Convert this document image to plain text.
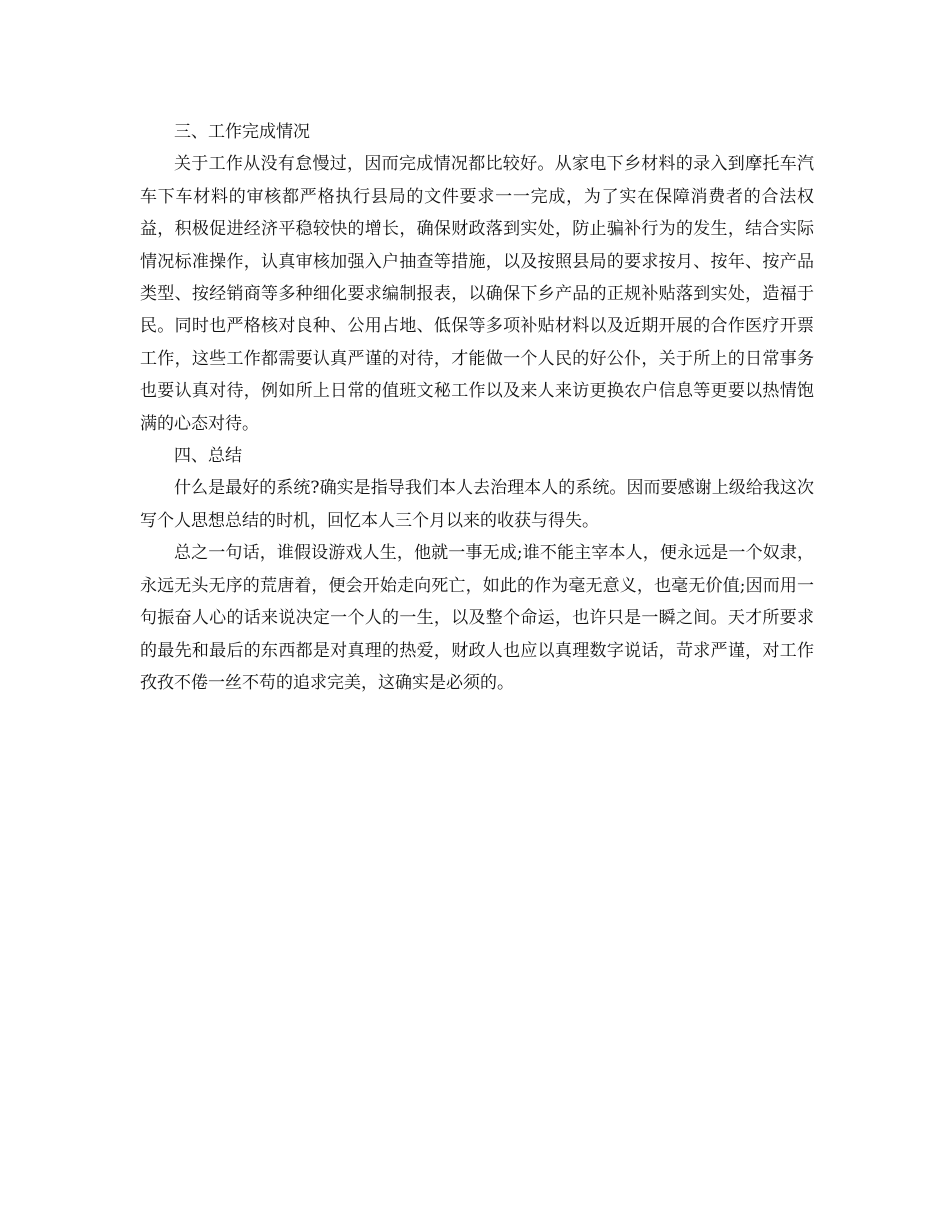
三、工作完成情况

关于工作从没有怠慢过，因而完成情况都比较好。从家电下乡材料的录入到摩托车汽车下车材料的审核都严格执行县局的文件要求一一完成，为了实在保障消费者的合法权益，积极促进经济平稳较快的增长，确保财政落到实处，防止骗补行为的发生，结合实际情况标准操作，认真审核加强入户抽查等措施，以及按照县局的要求按月、按年、按产品类型、按经销商等多种细化要求编制报表，以确保下乡产品的正规补贴落到实处，造福于民。同时也严格核对良种、公用占地、低保等多项补贴材料以及近期开展的合作医疗开票工作，这些工作都需要认真严谨的对待，才能做一个人民的好公仆，关于所上的日常事务也要认真对待，例如所上日常的值班文秘工作以及来人来访更换农户信息等更要以热情饱满的心态对待。

四、总结

什么是最好的系统?确实是指导我们本人去治理本人的系统。因而要感谢上级给我这次写个人思想总结的时机，回忆本人三个月以来的收获与得失。

总之一句话，谁假设游戏人生，他就一事无成;谁不能主宰本人，便永远是一个奴隶，永远无头无序的荒唐着，便会开始走向死亡，如此的作为毫无意义，也毫无价值;因而用一句振奋人心的话来说决定一个人的一生，以及整个命运，也许只是一瞬之间。天才所要求的最先和最后的东西都是对真理的热爱，财政人也应以真理数字说话，苛求严谨，对工作孜孜不倦一丝不苟的追求完美，这确实是必须的。
